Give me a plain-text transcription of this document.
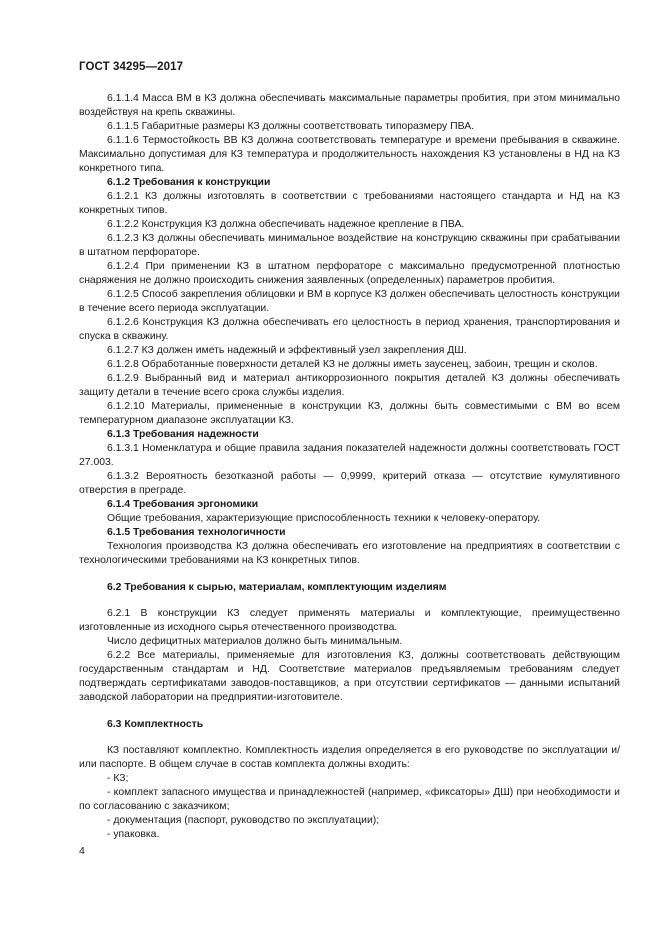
ГОСТ 34295—2017

6.1.1.4 Масса ВМ в КЗ должна обеспечивать максимальные параметры пробития, при этом минимально воздействуя на крепь скважины.

6.1.1.5 Габаритные размеры КЗ должны соответствовать типоразмеру ПВА.

6.1.1.6 Термостойкость ВВ КЗ должна соответствовать температуре и времени пребывания в скважине. Максимально допустимая для КЗ температура и продолжительность нахождения КЗ установлены в НД на КЗ конкретного типа.

6.1.2 Требования к конструкции

6.1.2.1 КЗ должны изготовлять в соответствии с требованиями настоящего стандарта и НД на КЗ конкретных типов.

6.1.2.2 Конструкция КЗ должна обеспечивать надежное крепление в ПВА.

6.1.2.3 КЗ должны обеспечивать минимальное воздействие на конструкцию скважины при срабатывании в штатном перфораторе.

6.1.2.4 При применении КЗ в штатном перфораторе с максимально предусмотренной плотностью снаряжения не должно происходить снижения заявленных (определенных) параметров пробития.

6.1.2.5 Способ закрепления облицовки и ВМ в корпусе КЗ должен обеспечивать целостность конструкции в течение всего периода эксплуатации.

6.1.2.6 Конструкция КЗ должна обеспечивать его целостность в период хранения, транспортирования и спуска в скважину.

6.1.2.7 КЗ должен иметь надежный и эффективный узел закрепления ДШ.

6.1.2.8 Обработанные поверхности деталей КЗ не должны иметь заусенец, забоин, трещин и сколов.

6.1.2.9 Выбранный вид и материал антикоррозионного покрытия деталей КЗ должны обеспечивать защиту детали в течение всего срока службы изделия.

6.1.2.10 Материалы, примененные в конструкции КЗ, должны быть совместимыми с ВМ во всем температурном диапазоне эксплуатации КЗ.

6.1.3 Требования надежности

6.1.3.1 Номенклатура и общие правила задания показателей надежности должны соответствовать ГОСТ 27.003.

6.1.3.2 Вероятность безотказной работы — 0,9999, критерий отказа — отсутствие кумулятивного отверстия в преграде.

6.1.4 Требования эргономики

Общие требования, характеризующие приспособленность техники к человеку-оператору.

6.1.5 Требования технологичности

Технология производства КЗ должна обеспечивать его изготовление на предприятиях в соответствии с технологическими требованиями на КЗ конкретных типов.

6.2 Требования к сырью, материалам, комплектующим изделиям

6.2.1 В конструкции КЗ следует применять материалы и комплектующие, преимущественно изготовленные из исходного сырья отечественного производства.

Число дефицитных материалов должно быть минимальным.

6.2.2 Все материалы, применяемые для изготовления КЗ, должны соответствовать действующим государственным стандартам и НД. Соответствие материалов предъявляемым требованиям следует подтверждать сертификатами заводов-поставщиков, а при отсутствии сертификатов — данными испытаний заводской лаборатории на предприятии-изготовителе.

6.3 Комплектность

КЗ поставляют комплектно. Комплектность изделия определяется в его руководстве по эксплуатации и/или паспорте. В общем случае в состав комплекта должны входить:

- КЗ;

- комплект запасного имущества и принадлежностей (например, «фиксаторы» ДШ) при необходимости и по согласованию с заказчиком;

- документация (паспорт, руководство по эксплуатации);

- упаковка.

4
